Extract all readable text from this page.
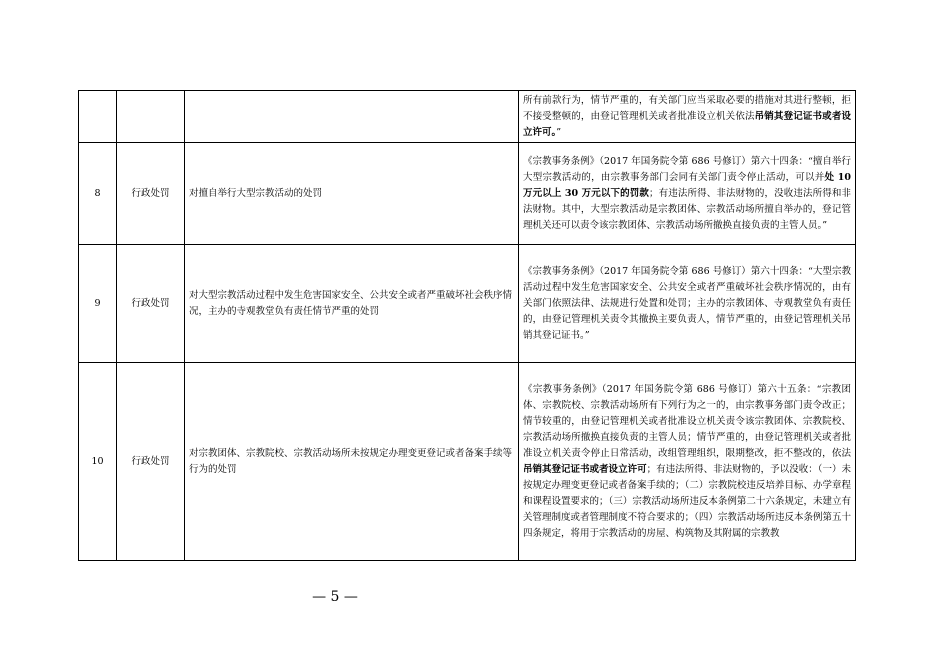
			所有前款行为，情节严重的，有关部门应当采取必要的措施对其进行整顿，拒不接受整顿的，由登记管理机关或者批准设立机关依法吊销其登记证书或者设立许可。”
8	行政处罚	对擅自举行大型宗教活动的处罚	《宗教事务条例》（2017 年国务院令第 686 号修订）第六十四条：“擅自举行大型宗教活动的，由宗教事务部门会同有关部门责令停止活动，可以并处 10 万元以上 30 万元以下的罚款；有违法所得、非法财物的，没收违法所得和非法财物。其中，大型宗教活动是宗教团体、宗教活动场所擅自举办的，登记管理机关还可以责令该宗教团体、宗教活动场所撤换直接负责的主管人员。”
9	行政处罚	对大型宗教活动过程中发生危害国家安全、公共安全或者严重破坏社会秩序情况，主办的寺观教堂负有责任情节严重的处罚	《宗教事务条例》（2017 年国务院令第 686 号修订）第六十四条：“大型宗教活动过程中发生危害国家安全、公共安全或者严重破坏社会秩序情况的，由有关部门依照法律、法规进行处置和处罚；主办的宗教团体、寺观教堂负有责任的，由登记管理机关责令其撤换主要负责人，情节严重的，由登记管理机关吊销其登记证书。”
10	行政处罚	对宗教团体、宗教院校、宗教活动场所未按规定办理变更登记或者备案手续等行为的处罚	《宗教事务条例》（2017 年国务院令第 686 号修订）第六十五条：“宗教团体、宗教院校、宗教活动场所有下列行为之一的，由宗教事务部门责令改正；情节较重的，由登记管理机关或者批准设立机关责令该宗教团体、宗教院校、宗教活动场所撤换直接负责的主管人员；情节严重的，由登记管理机关或者批准设立机关责令停止日常活动，改组管理组织，限期整改，拒不整改的，依法吊销其登记证书或者设立许可；有违法所得、非法财物的，予以没收：（一）未按规定办理变更登记或者备案手续的；（二）宗教院校违反培养目标、办学章程和课程设置要求的；（三）宗教活动场所违反本条例第二十六条规定，未建立有关管理制度或者管理制度不符合要求的；（四）宗教活动场所违反本条例第五十四条规定，将用于宗教活动的房屋、构筑物及其附属的宗教教
— 5 —
